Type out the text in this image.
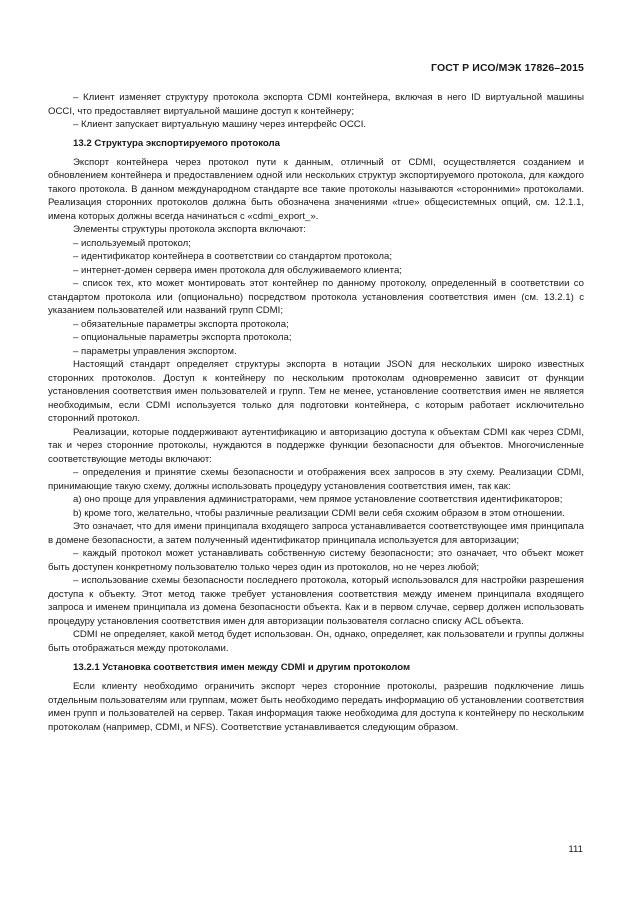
ГОСТ Р ИСО/МЭК 17826–2015

– Клиент изменяет структуру протокола экспорта CDMI контейнера, включая в него ID виртуальной машины OCCI, что предоставляет виртуальной машине доступ к контейнеру;

– Клиент запускает виртуальную машину через интерфейс OCCI.

13.2 Структура экспортируемого протокола

Экспорт контейнера через протокол пути к данным, отличный от CDMI, осуществляется созданием и обновлением контейнера и предоставлением одной или нескольких структур экспортируемого протокола, для каждого такого протокола. В данном международном стандарте все такие протоколы называются «сторонними» протоколами. Реализация сторонних протоколов должна быть обозначена значениями «true» общесистемных опций, см. 12.1.1, имена которых должны всегда начинаться с «cdmi_export_».

Элементы структуры протокола экспорта включают:

– используемый протокол;

– идентификатор контейнера в соответствии со стандартом протокола;

– интернет-домен сервера имен протокола для обслуживаемого клиента;

– список тех, кто может монтировать этот контейнер по данному протоколу, определенный в соответствии со стандартом протокола или (опционально) посредством протокола установления соответствия имен (см. 13.2.1) с указанием пользователей или названий групп CDMI;

– обязательные параметры экспорта протокола;

– опциональные параметры экспорта протокола;

– параметры управления экспортом.

Настоящий стандарт определяет структуры экспорта в нотации JSON для нескольких широко известных сторонних протоколов. Доступ к контейнеру по нескольким протоколам одновременно зависит от функции установления соответствия имен пользователей и групп. Тем не менее, установление соответствия имен не является необходимым, если CDMI используется только для подготовки контейнера, с которым работает исключительно сторонний протокол.

Реализации, которые поддерживают аутентификацию и авторизацию доступа к объектам CDMI как через CDMI, так и через сторонние протоколы, нуждаются в поддержке функции безопасности для объектов. Многочисленные соответствующие методы включают:

– определения и принятие схемы безопасности и отображения всех запросов в эту схему. Реализации CDMI, принимающие такую схему, должны использовать процедуру установления соответствия имен, так как:

а) оно проще для управления администраторами, чем прямое установление соответствия идентификаторов;

b) кроме того, желательно, чтобы различные реализации CDMI вели себя схожим образом в этом отношении.

Это означает, что для имени принципала входящего запроса устанавливается соответствующее имя принципала в домене безопасности, а затем полученный идентификатор принципала используется для авторизации;

– каждый протокол может устанавливать собственную систему безопасности; это означает, что объект может быть доступен конкретному пользователю только через один из протоколов, но не через любой;

– использование схемы безопасности последнего протокола, который использовался для настройки разрешения доступа к объекту. Этот метод также требует установления соответствия между именем принципала входящего запроса и именем принципала из домена безопасности объекта. Как и в первом случае, сервер должен использовать процедуру установления соответствия имен для авторизации пользователя согласно списку ACL объекта.

CDMI не определяет, какой метод будет использован. Он, однако, определяет, как пользователи и группы должны быть отображаться между протоколами.

13.2.1 Установка соответствия имен между CDMI и другим протоколом

Если клиенту необходимо ограничить экспорт через сторонние протоколы, разрешив подключение лишь отдельным пользователям или группам, может быть необходимо передать информацию об установлении соответствия имен групп и пользователей на сервер. Такая информация также необходима для доступа к контейнеру по нескольким протоколам (например, CDMI, и NFS). Соответствие устанавливается следующим образом.

111
